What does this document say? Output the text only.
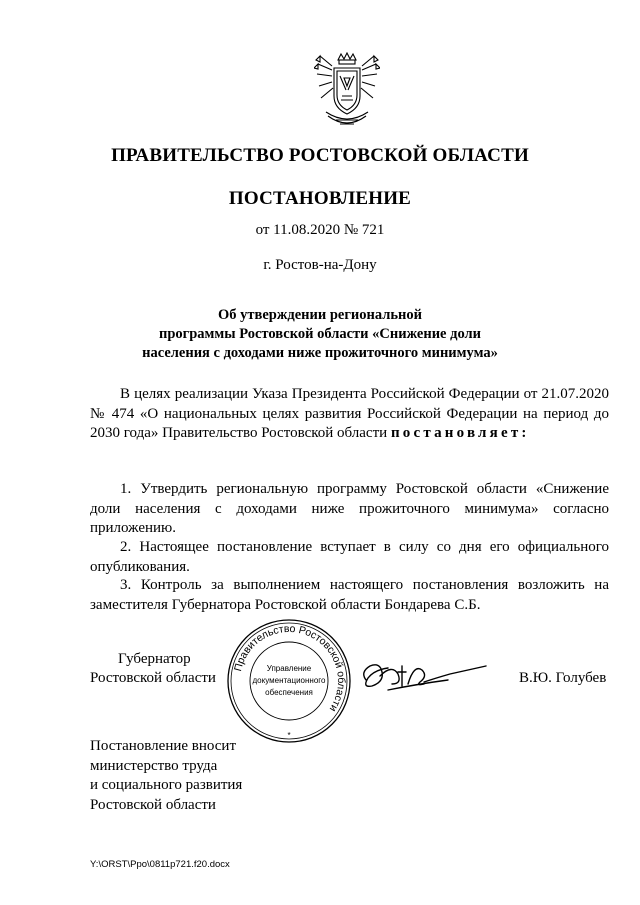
ПРАВИТЕЛЬСТВО РОСТОВСКОЙ ОБЛАСТИ
ПОСТАНОВЛЕНИЕ
от 11.08.2020 № 721
г. Ростов-на-Дону
Об утверждении региональной
программы Ростовской области «Снижение доли
населения с доходами ниже прожиточного минимума»
В целях реализации Указа Президента Российской Федерации от 21.07.2020 № 474 «О национальных целях развития Российской Федерации на период до 2030 года» Правительство Ростовской области постановляет:
1. Утвердить региональную программу Ростовской области «Снижение доли населения с доходами ниже прожиточного минимума» согласно приложению.
2. Настоящее постановление вступает в силу со дня его официального опубликования.
3. Контроль за выполнением настоящего постановления возложить на заместителя Губернатора Ростовской области Бондарева С.Б.
Губернатор
Ростовской области	В.Ю. Голубев
Правительство Ростовской области
*
Управление
документационного
обеспечения
Постановление вносит
министерство труда
и социального развития
Ростовской области
Y:\ORST\Ppo\0811p721.f20.docx
